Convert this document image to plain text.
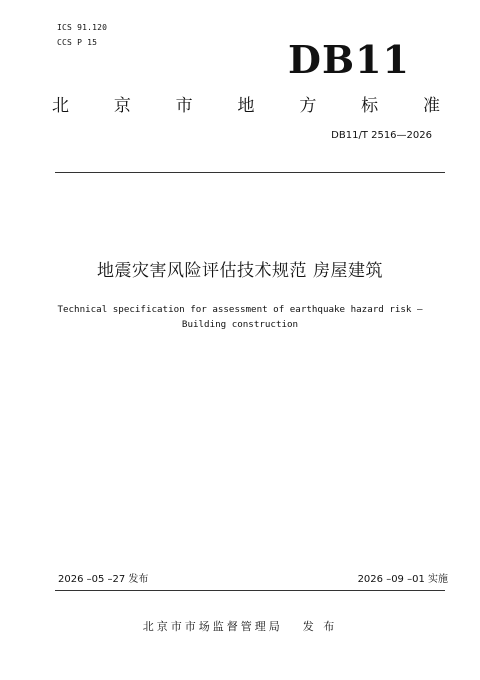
ICS 91.120
CCS P 15	DB11
北	京	市	地	方	标	准
DB11/T 2516—2026
地震灾害风险评估技术规范 房屋建筑
Technical specification for assessment of earthquake hazard risk —
Building construction
2026 –05 –27 发布	2026 –09 –01 实施
北京市市场监督管理局 发 布
